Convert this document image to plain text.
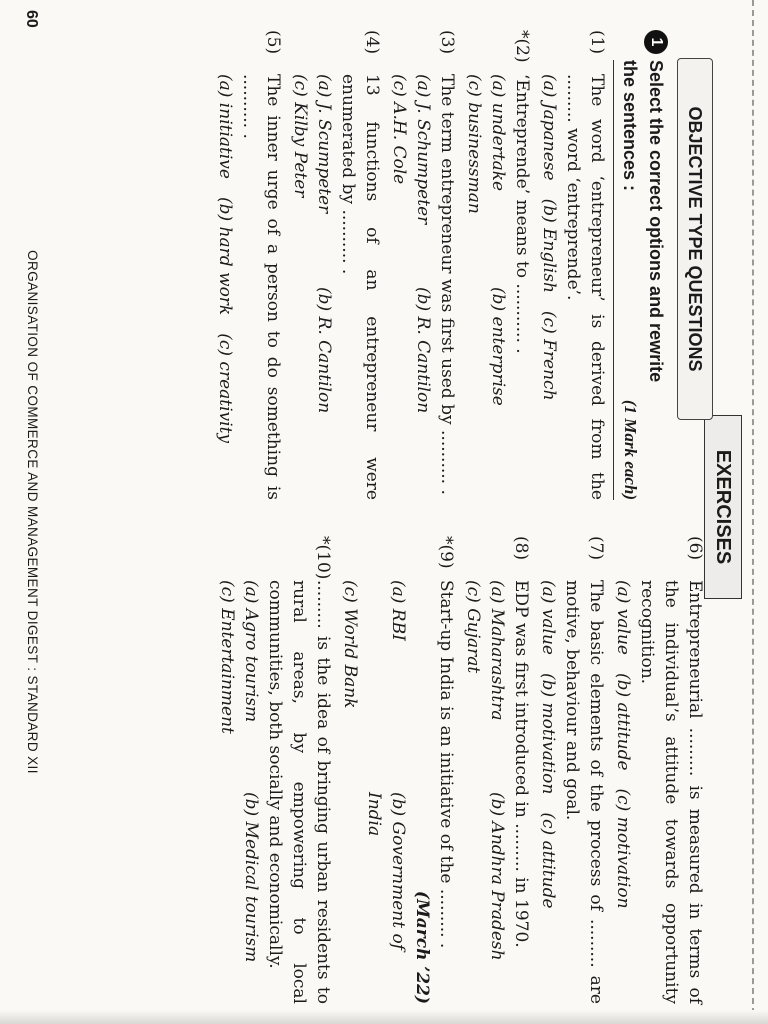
EXERCISES
OBJECTIVE TYPE QUESTIONS
1
Select the correct options and rewrite
the sentences :
(1 Mark each)
(1)
The word ‘entrepreneur’ is derived from the ......... word ‘entreprende’.
(a) Japanese
(b) English
(c) French
*(2)
‘Entreprende’ means to ........... .
(a) undertake
(b) enterprise
(c) businessman
(3)
The term entrepreneur was first used by .......... .
(a) J. Schumpeter
(b) R. Cantilon
(c) A.H. Cole
(4)
13 functions of an entrepreneur were enumerated by .......... .
(a) J. Scumpeter
(b) R. Cantilon
(c) Kilby Peter
(5)
The inner urge of a person to do something is .......... .
(a) initiative
(b) hard work
(c) creativity
(6)
Entrepreneurial ......... is measured in terms of the individual’s attitude towards opportunity recognition.
(a) value
(b) attitude
(c) motivation
(7)
The basic elements of the process of ......... are motive, behaviour and goal.
(a) value
(b) motivation
(c) attitude
(8)
EDP was first introduced in ......... in 1970.
(a) Maharashtra
(b) Andhra Pradesh
(c) Gujarat
*(9)
Start-up India is an initiative of the ......... .
(March ’22)
(a) RBI
(b) Government of India
(c) World Bank
*(10)
......... is the idea of bringing urban residents to rural areas, by empowering to local communities, both socially and economically.
(a) Agro tourism
(b) Medical tourism
(c) Entertainment
60
ORGANISATION OF COMMERCE AND MANAGEMENT DIGEST : STANDARD XII
